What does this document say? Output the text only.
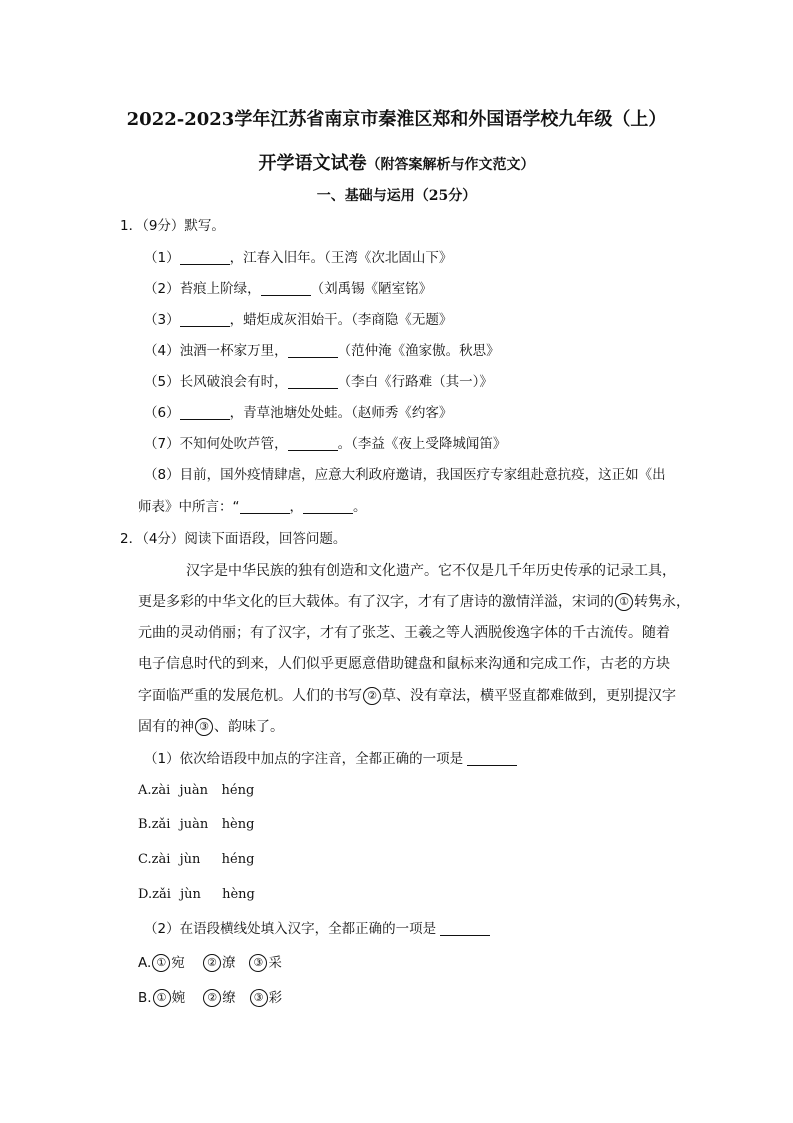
2022-2023学年江苏省南京市秦淮区郑和外国语学校九年级（上）
开学语文试卷（附答案解析与作文范文）
一、基础与运用（25分）
1．（9分）默写。
（1）	，江春入旧年。（王湾《次北固山下》
（2）苔痕上阶绿，	（刘禹锡《陋室铭》
（3）	，蜡炬成灰泪始干。（李商隐《无题》
（4）浊酒一杯家万里，	（范仲淹《渔家傲。秋思》
（5）长风破浪会有时，	（李白《行路难（其一）》
（6）	，青草池塘处处蛙。（赵师秀《约客》
（7）不知何处吹芦管，	。（李益《夜上受降城闻笛》
（8）目前，国外疫情肆虐，应意大利政府邀请，我国医疗专家组赴意抗疫，这正如《出
师表》中所言：“	，	。
2．（4分）阅读下面语段，回答问题。
汉字是中华民族的独有创造和文化遗产。它不仅是几千年历史传承的记录工具，
更是多彩的中华文化的巨大载体。有了汉字，才有了唐诗的激情洋溢，宋词的 ① 转隽永，
元曲的灵动俏丽；有了汉字，才有了张芝、王羲之等人洒脱俊逸字体的千古流传。随着
电子信息时代的到来，人们似乎更愿意借助键盘和鼠标来沟通和完成工作，古老的方块
字面临严重的发展危机。人们的书写 ② 草、没有章法，横平竖直都难做到，更别提汉字
固有的神 ③ 、韵味了。
（1）依次给语段中加点的字注音，全都正确的一项是
A.zài juàn héng
B.zǎi juàn hèng
C.zài jùn héng
D.zǎi jùn hèng
（2）在语段横线处填入汉字，全都正确的一项是
A. ① 宛 ② 潦 ③ 采
B. ① 婉 ② 缭 ③ 彩
